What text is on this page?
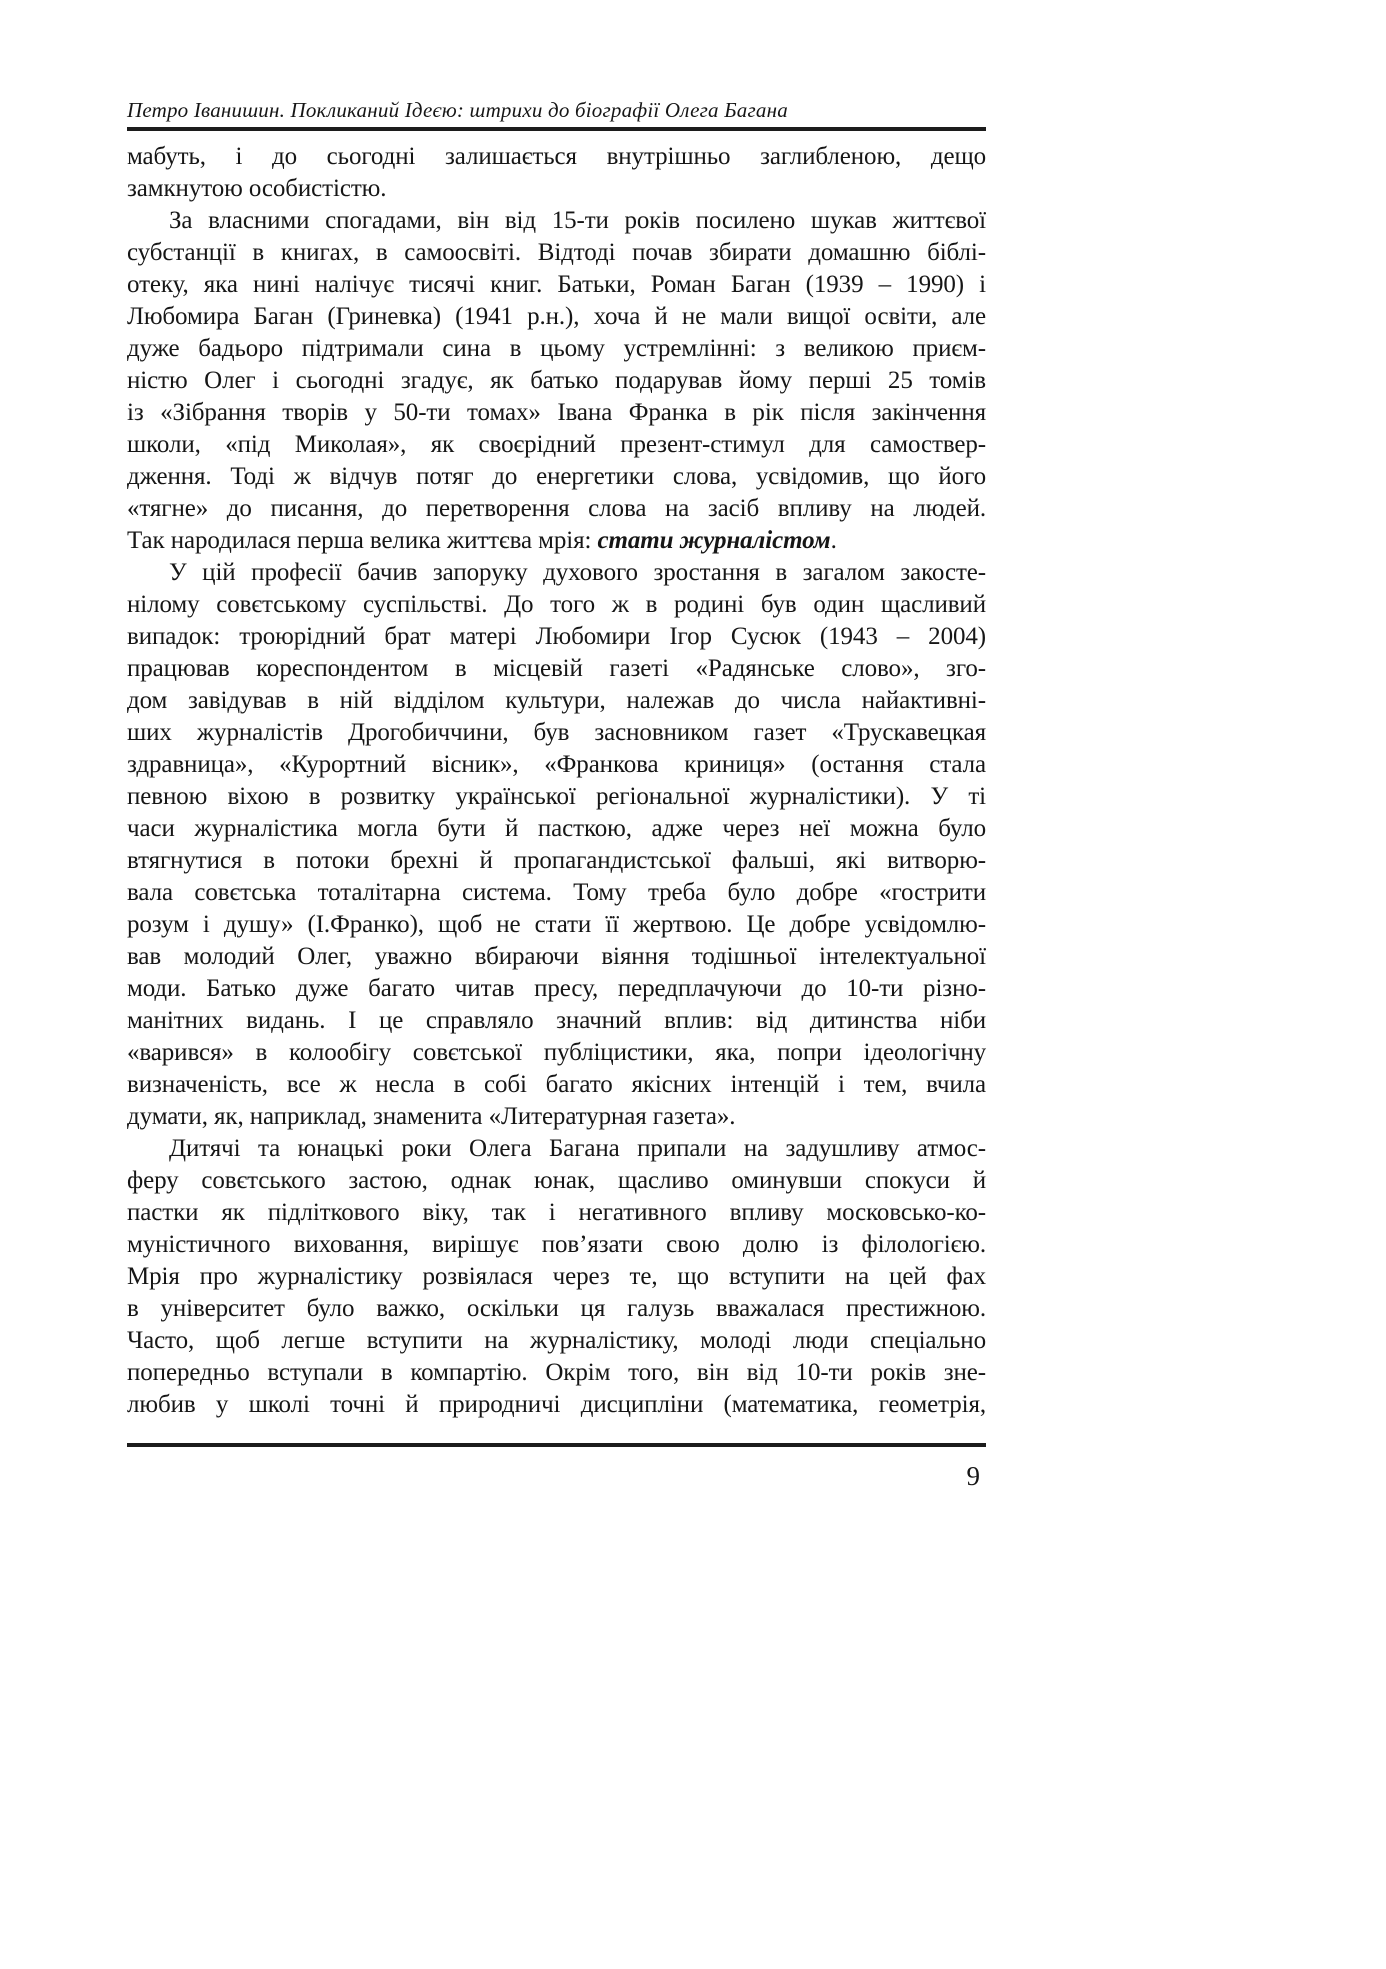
Петро Іванишин. Покликаний Ідеєю: штрихи до біографії Олега Багана

мабуть, і до сьогодні залишається внутрішньо заглибленою, дещо
замкнутою особистістю.

За власними спогадами, він від 15-ти років посилено шукав життєвої
субстанції в книгах, в самоосвіті. Відтоді почав збирати домашню біблі-
отеку, яка нині налічує тисячі книг. Батьки, Роман Баган (1939 – 1990) і
Любомира Баган (Гриневка) (1941 р.н.), хоча й не мали вищої освіти, але
дуже бадьоро підтримали сина в цьому устремлінні: з великою приєм-
ністю Олег і сьогодні згадує, як батько подарував йому перші 25 томів
із «Зібрання творів у 50-ти томах» Івана Франка в рік після закінчення
школи, «під Миколая», як своєрідний презент-стимул для самоствер-
дження. Тоді ж відчув потяг до енергетики слова, усвідомив, що його
«тягне» до писання, до перетворення слова на засіб впливу на людей.
Так народилася перша велика життєва мрія: стати журналістом.

У цій професії бачив запоруку духового зростання в загалом закосте-
нілому совєтському суспільстві. До того ж в родині був один щасливий
випадок: троюрідний брат матері Любомири Ігор Сусюк (1943 – 2004)
працював кореспондентом в місцевій газеті «Радянське слово», зго-
дом завідував в ній відділом культури, належав до числа найактивні-
ших журналістів Дрогобиччини, був засновником газет «Трускавецкая
здравница», «Курортний вісник», «Франкова криниця» (остання стала
певною віхою в розвитку української регіональної журналістики). У ті
часи журналістика могла бути й пасткою, адже через неї можна було
втягнутися в потоки брехні й пропагандистської фальші, які витворю-
вала совєтська тоталітарна система. Тому треба було добре «гострити
розум і душу» (І.Франко), щоб не стати її жертвою. Це добре усвідомлю-
вав молодий Олег, уважно вбираючи віяння тодішньої інтелектуальної
моди. Батько дуже багато читав пресу, передплачуючи до 10-ти різно-
манітних видань. І це справляло значний вплив: від дитинства ніби
«варився» в колообігу совєтської публіцистики, яка, попри ідеологічну
визначеність, все ж несла в собі багато якісних інтенцій і тем, вчила
думати, як, наприклад, знаменита «Литературная газета».

Дитячі та юнацькі роки Олега Багана припали на задушливу атмос-
феру совєтського застою, однак юнак, щасливо оминувши спокуси й
пастки як підліткового віку, так і негативного впливу московсько-ко-
муністичного виховання, вирішує пов’язати свою долю із філологією.
Мрія про журналістику розвіялася через те, що вступити на цей фах
в університет було важко, оскільки ця галузь вважалася престижною.
Часто, щоб легше вступити на журналістику, молоді люди спеціально
попередньо вступали в компартію. Окрім того, він від 10-ти років зне-
любив у школі точні й природничі дисципліни (математика, геометрія,

9
